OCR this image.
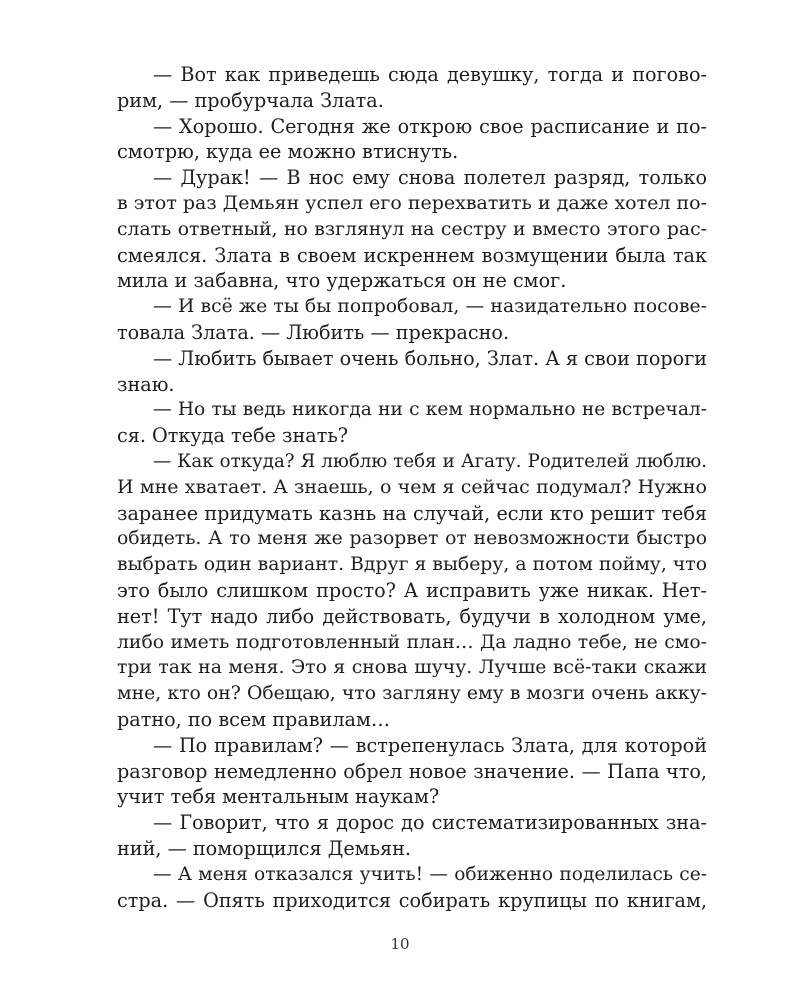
— Вот как приведешь сюда девушку, тогда и погово-
рим, — пробурчала Злата.
— Хорошо. Сегодня же открою свое расписание и по-
смотрю, куда ее можно втиснуть.
— Дурак! — В нос ему снова полетел разряд, только
в этот раз Демьян успел его перехватить и даже хотел по-
слать ответный, но взглянул на сестру и вместо этого рас-
смеялся. Злата в своем искреннем возмущении была так
мила и забавна, что удержаться он не смог.
— И всё же ты бы попробовал, — назидательно посове-
товала Злата. — Любить — прекрасно.
— Любить бывает очень больно, Злат. А я свои пороги
знаю.
— Но ты ведь никогда ни с кем нормально не встречал-
ся. Откуда тебе знать?
— Как откуда? Я люблю тебя и Агату. Родителей люблю.
И мне хватает. А знаешь, о чем я сейчас подумал? Нужно
заранее придумать казнь на случай, если кто решит тебя
обидеть. А то меня же разорвет от невозможности быстро
выбрать один вариант. Вдруг я выберу, а потом пойму, что
это было слишком просто? А исправить уже никак. Нет-
нет! Тут надо либо действовать, будучи в холодном уме,
либо иметь подготовленный план… Да ладно тебе, не смо-
три так на меня. Это я снова шучу. Лучше всё-таки скажи
мне, кто он? Обещаю, что загляну ему в мозги очень акку-
ратно, по всем правилам…
— По правилам? — встрепенулась Злата, для которой
разговор немедленно обрел новое значение. — Папа что,
учит тебя ментальным наукам?
— Говорит, что я дорос до систематизированных зна-
ний, — поморщился Демьян.
— А меня отказался учить! — обиженно поделилась се-
стра. — Опять приходится собирать крупицы по книгам,
10
